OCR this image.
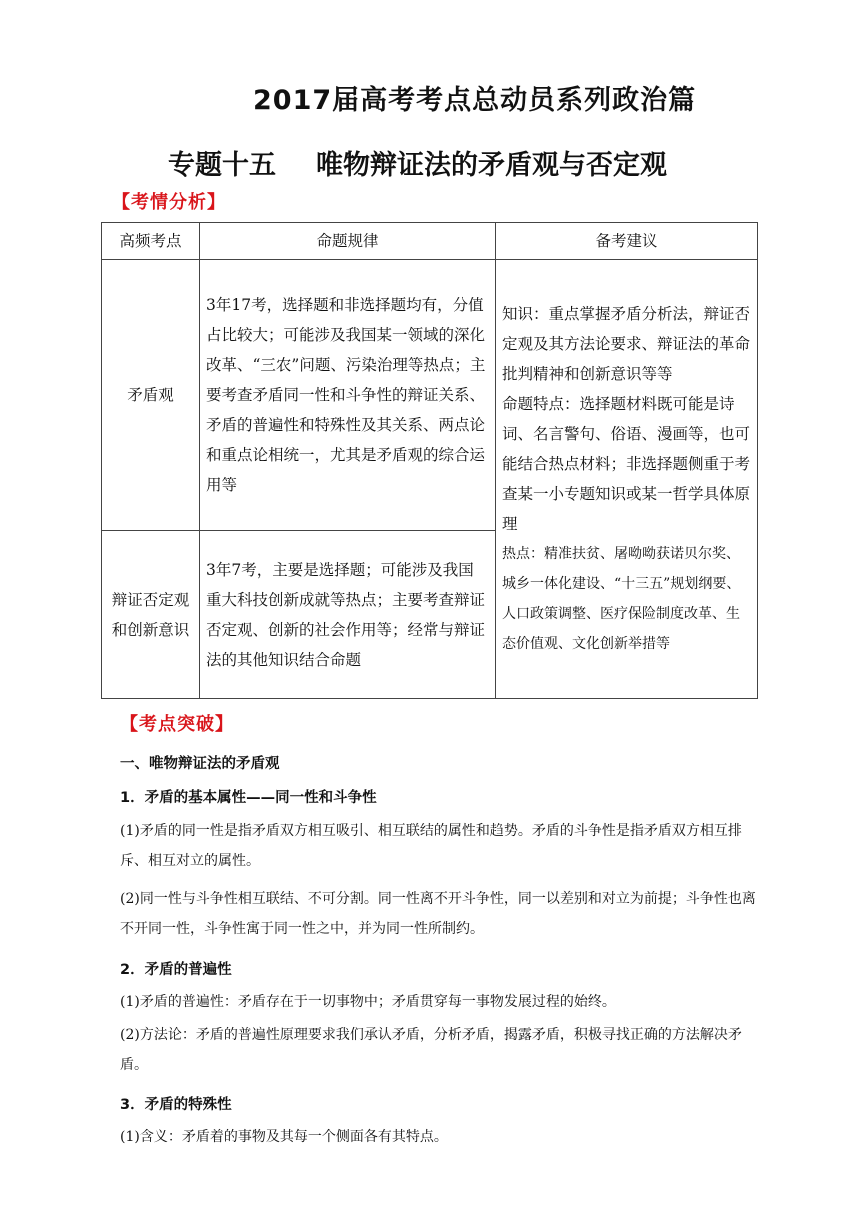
2017届高考考点总动员系列政治篇
专题十五 唯物辩证法的矛盾观与否定观
【考情分析】
高频考点	命题规律	备考建议
矛盾观	3年17考，选择题和非选择题均有，分值占比较大；可能涉及我国某一领域的深化改革、“三农”问题、污染治理等热点；主要考查矛盾同一性和斗争性的辩证关系、矛盾的普遍性和特殊性及其关系、两点论和重点论相统一，尤其是矛盾观的综合运用等	知识：重点掌握矛盾分析法，辩证否定观及其方法论要求、辩证法的革命批判精神和创新意识等等
命题特点：选择题材料既可能是诗词、名言警句、俗语、漫画等，也可能结合热点材料；非选择题侧重于考查某一小专题知识或某一哲学具体原理
热点：精准扶贫、屠呦呦获诺贝尔奖、城乡一体化建设、“十三五”规划纲要、人口政策调整、医疗保险制度改革、生态价值观、文化创新举措等

辩证否定观和创新意识	3年7考，主要是选择题；可能涉及我国重大科技创新成就等热点；主要考查辩证否定观、创新的社会作用等；经常与辩证法的其他知识结合命题	
【考点突破】
一、唯物辩证法的矛盾观
1．矛盾的基本属性——同一性和斗争性
(1)矛盾的同一性是指矛盾双方相互吸引、相互联结的属性和趋势。矛盾的斗争性是指矛盾双方相互排斥、相互对立的属性。
(2)同一性与斗争性相互联结、不可分割。同一性离不开斗争性，同一以差别和对立为前提；斗争性也离不开同一性，斗争性寓于同一性之中，并为同一性所制约。
2．矛盾的普遍性
(1)矛盾的普遍性：矛盾存在于一切事物中；矛盾贯穿每一事物发展过程的始终。
(2)方法论：矛盾的普遍性原理要求我们承认矛盾，分析矛盾，揭露矛盾，积极寻找正确的方法解决矛盾。
3．矛盾的特殊性
(1)含义：矛盾着的事物及其每一个侧面各有其特点。
